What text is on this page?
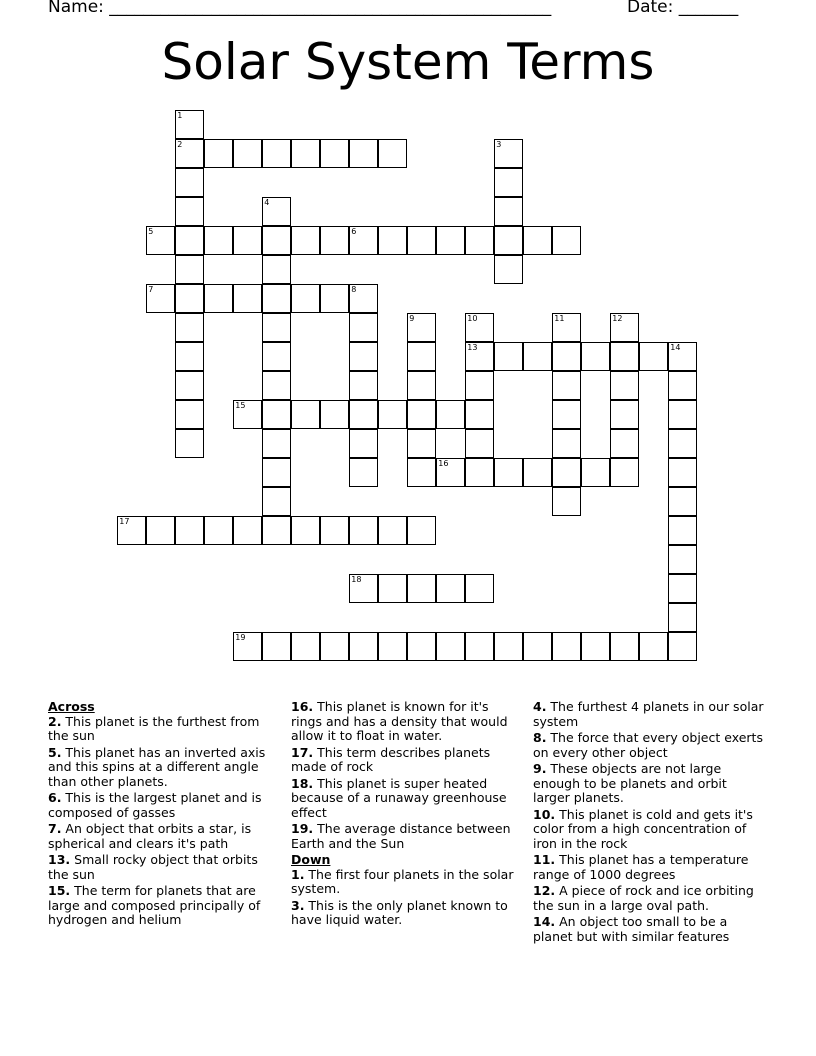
Name: ____________________________________________________	Date: _______
Solar System Terms
1
2	3
4
5	6
7	8
9	10
13
11	12
14
15
16
17
18
19
Across
2. This planet is the furthest from the sun
5. This planet has an inverted axis and this spins at a different angle than other planets.
6. This is the largest planet and is composed of gasses
7. An object that orbits a star, is spherical and clears it's path
13. Small rocky object that orbits the sun
15. The term for planets that are large and composed principally of hydrogen and helium
16. This planet is known for it's rings and has a density that would allow it to float in water.
17. This term describes planets made of rock
18. This planet is super heated because of a runaway greenhouse effect
19. The average distance between Earth and the Sun
Down
1. The first four planets in the solar system.
3. This is the only planet known to have liquid water.
4. The furthest 4 planets in our solar system
8. The force that every object exerts on every other object
9. These objects are not large enough to be planets and orbit larger planets.
10. This planet is cold and gets it's color from a high concentration of iron in the rock
11. This planet has a temperature range of 1000 degrees
12. A piece of rock and ice orbiting the sun in a large oval path.
14. An object too small to be a planet but with similar features
